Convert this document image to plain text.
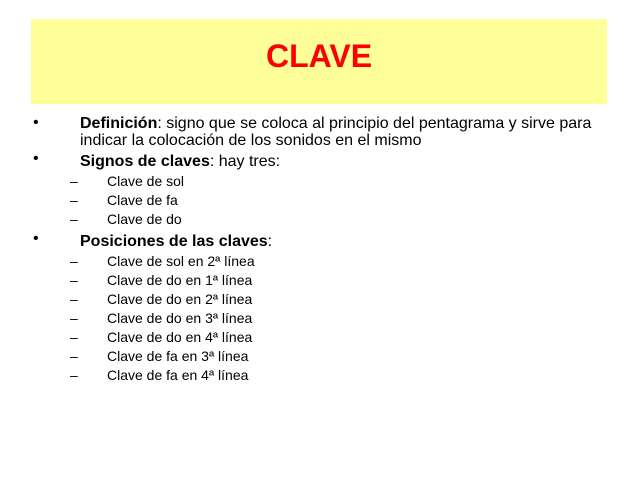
CLAVE
•	Definición: signo que se coloca al principio del pentagrama y sirve para indicar la colocación de los sonidos en el mismo
•	Signos de claves: hay tres:
– Clave de sol
– Clave de fa
– Clave de do
•	Posiciones de las claves:
– Clave de sol en 2ª línea
– Clave de do en 1ª línea
– Clave de do en 2ª línea
– Clave de do en 3ª línea
– Clave de do en 4ª línea
– Clave de fa en 3ª línea
– Clave de fa en 4ª línea
